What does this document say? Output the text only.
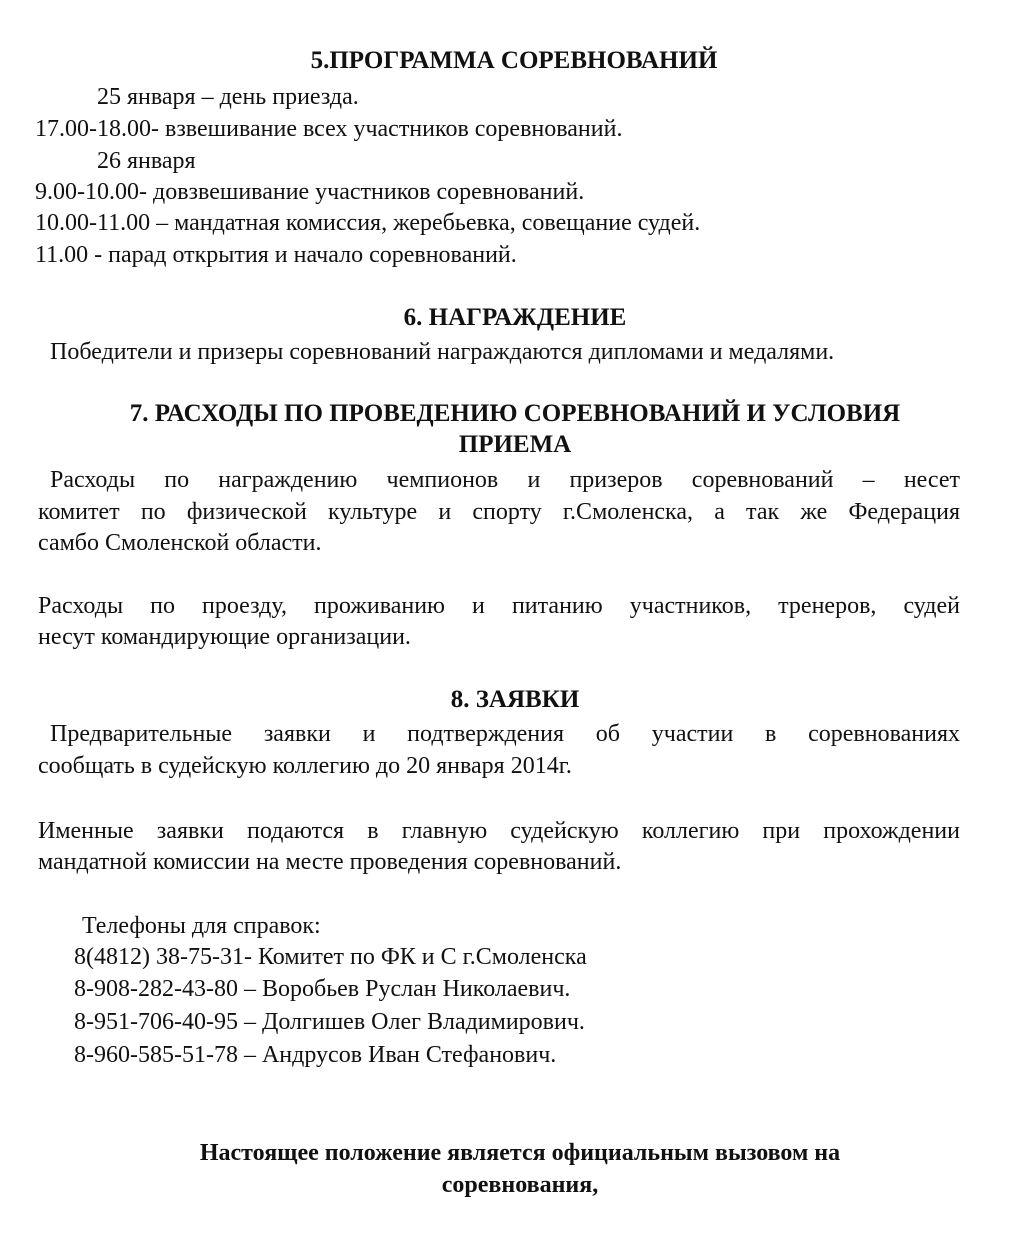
5.ПРОГРАММА СОРЕВНОВАНИЙ
25 января – день приезда.
17.00-18.00- взвешивание всех участников соревнований.
26 января
9.00-10.00- довзвешивание участников соревнований.
10.00-11.00 – мандатная комиссия, жеребьевка, совещание судей.
11.00 - парад открытия и начало соревнований.
6. НАГРАЖДЕНИЕ
Победители и призеры соревнований награждаются дипломами и медалями.
7. РАСХОДЫ ПО ПРОВЕДЕНИЮ СОРЕВНОВАНИЙ И УСЛОВИЯ
ПРИЕМА
Расходы по награждению чемпионов и призеров соревнований – несет
комитет по физической культуре и спорту г.Смоленска, а так же Федерация
самбо Смоленской области.
Расходы по проезду, проживанию и питанию участников, тренеров, судей
несут командирующие организации.
8. ЗАЯВКИ
Предварительные заявки и подтверждения об участии в соревнованиях
сообщать в судейскую коллегию до 20 января 2014г.
Именные заявки подаются в главную судейскую коллегию при прохождении
мандатной комиссии на месте проведения соревнований.
Телефоны для справок:
8(4812) 38-75-31- Комитет по ФК и С г.Смоленска
8-908-282-43-80 – Воробьев Руслан Николаевич.
8-951-706-40-95 – Долгишев Олег Владимирович.
8-960-585-51-78 – Андрусов Иван Стефанович.
Настоящее положение является официальным вызовом на
соревнования,
